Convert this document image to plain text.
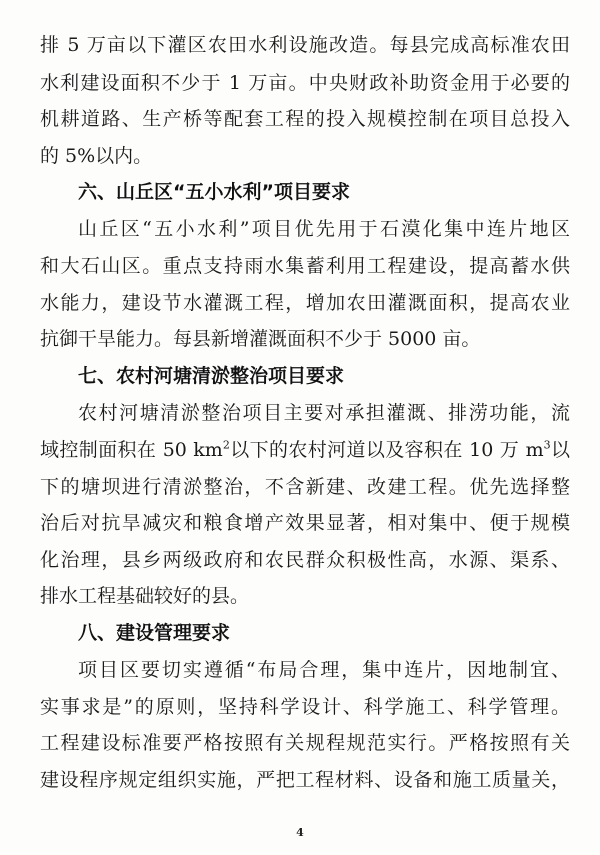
排 5 万亩以下灌区农田水利设施改造。每县完成高标准农田
水利建设面积不少于 1 万亩。中央财政补助资金用于必要的
机耕道路、生产桥等配套工程的投入规模控制在项目总投入
的 5%以内。
六、山丘区“五小水利”项目要求
山丘区“五小水利”项目优先用于石漠化集中连片地区
和大石山区。重点支持雨水集蓄利用工程建设，提高蓄水供
水能力，建设节水灌溉工程，增加农田灌溉面积，提高农业
抗御干旱能力。每县新增灌溉面积不少于 5000 亩。
七、农村河塘清淤整治项目要求
农村河塘清淤整治项目主要对承担灌溉、排涝功能，流
域控制面积在 50 $km^2$以下的农村河道以及容积在 10 万 $m^3$以
下的塘坝进行清淤整治，不含新建、改建工程。优先选择整
治后对抗旱减灾和粮食增产效果显著，相对集中、便于规模
化治理，县乡两级政府和农民群众积极性高，水源、渠系、
排水工程基础较好的县。
八、建设管理要求
项目区要切实遵循“布局合理，集中连片，因地制宜、
实事求是”的原则，坚持科学设计、科学施工、科学管理。
工程建设标准要严格按照有关规程规范实行。严格按照有关
建设程序规定组织实施，严把工程材料、设备和施工质量关，
4
